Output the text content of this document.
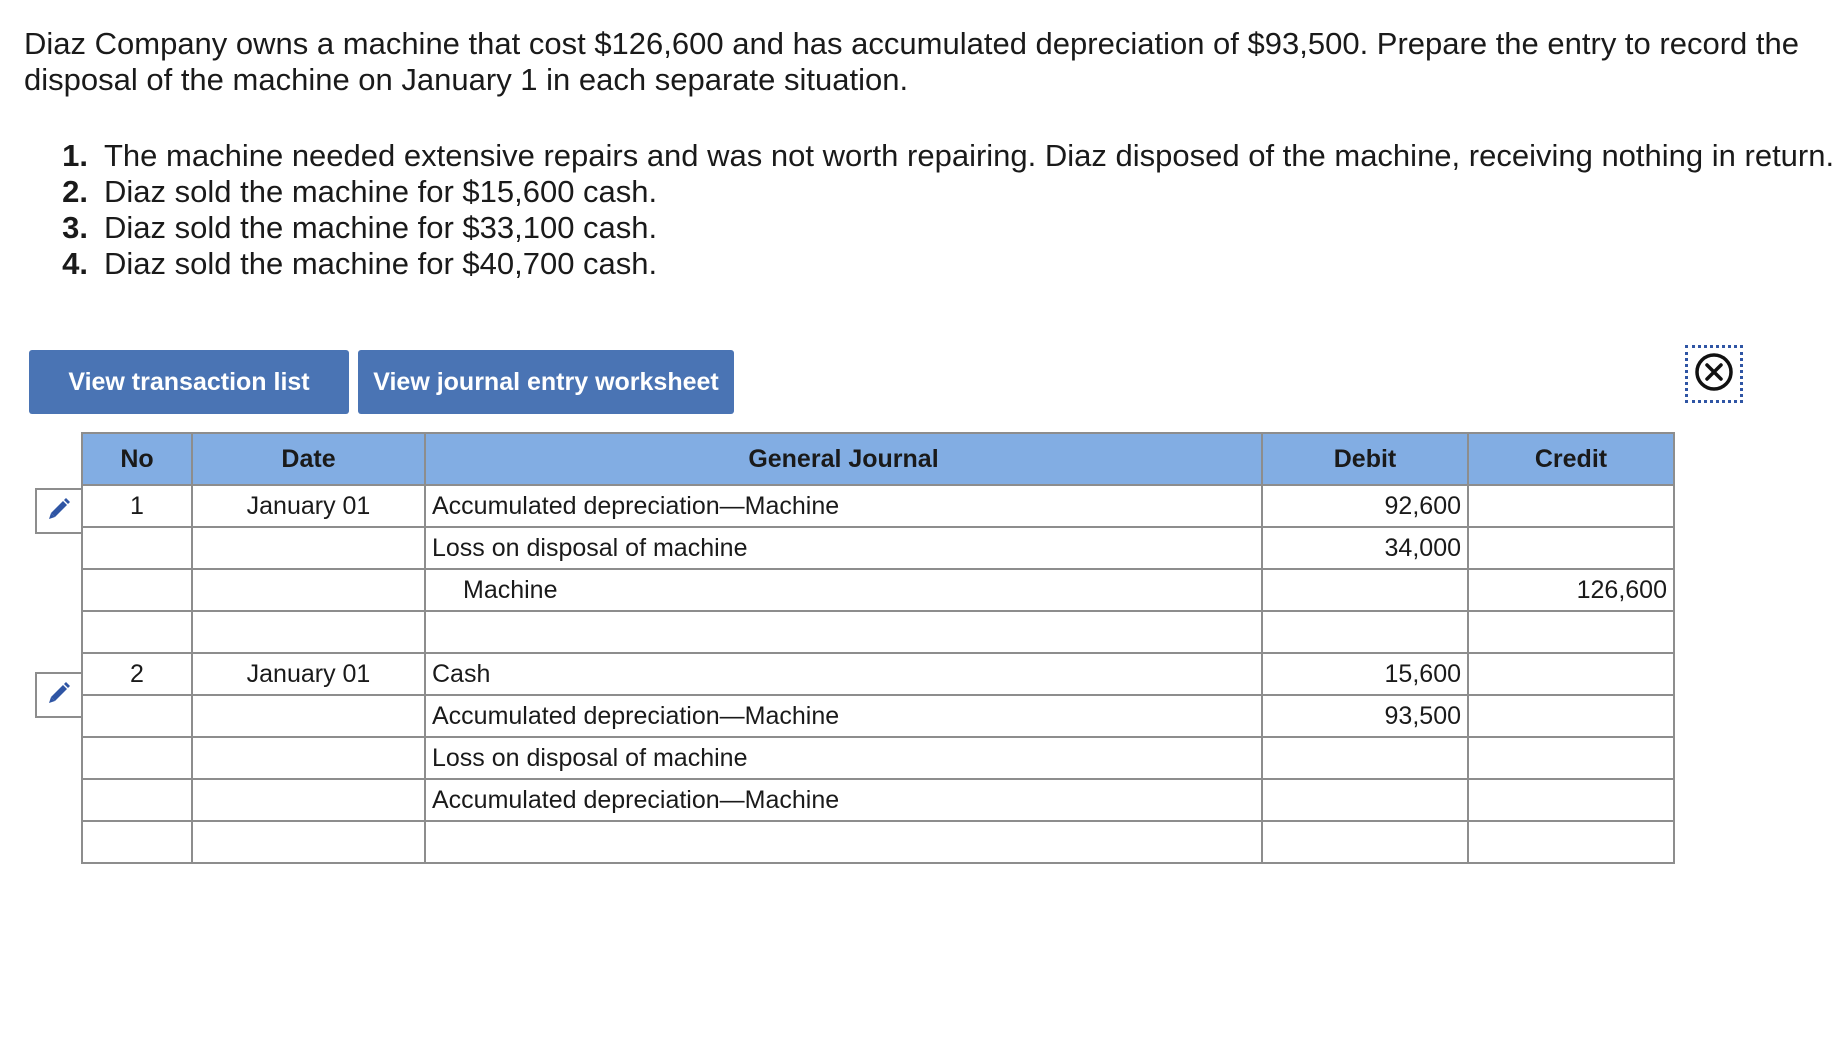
Diaz Company owns a machine that cost $126,600 and has accumulated depreciation of $93,500. Prepare the entry to record the
disposal of the machine on January 1 in each separate situation.
1. The machine needed extensive repairs and was not worth repairing. Diaz disposed of the machine, receiving nothing in return.
2. Diaz sold the machine for $15,600 cash.
3. Diaz sold the machine for $33,100 cash.
4. Diaz sold the machine for $40,700 cash.
View transaction list	View journal entry worksheet
No	Date	General Journal	Debit	Credit
1	January 01	Accumulated depreciation—Machine	92,600	
		Loss on disposal of machine	34,000	
		Machine		126,600

2	January 01	Cash	15,600	
		Accumulated depreciation—Machine	93,500	
		Loss on disposal of machine		
		Accumulated depreciation—Machine		
